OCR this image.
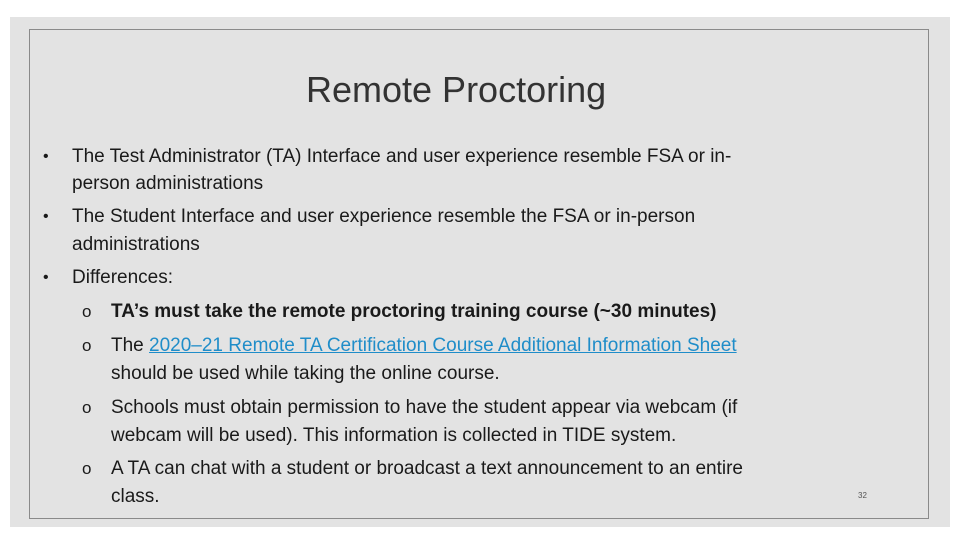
Remote Proctoring
• The Test Administrator (TA) Interface and user experience resemble FSA or in-

person administrations

• The Student Interface and user experience resemble the FSA or in-person

administrations

• Differences:

o TA’s must take the remote proctoring training course (~30 minutes)

o The 2020–21 Remote TA Certification Course Additional Information Sheet

should be used while taking the online course.

o Schools must obtain permission to have the student appear via webcam (if

webcam will be used). This information is collected in TIDE system.

o A TA can chat with a student or broadcast a text announcement to an entire

class.	32
